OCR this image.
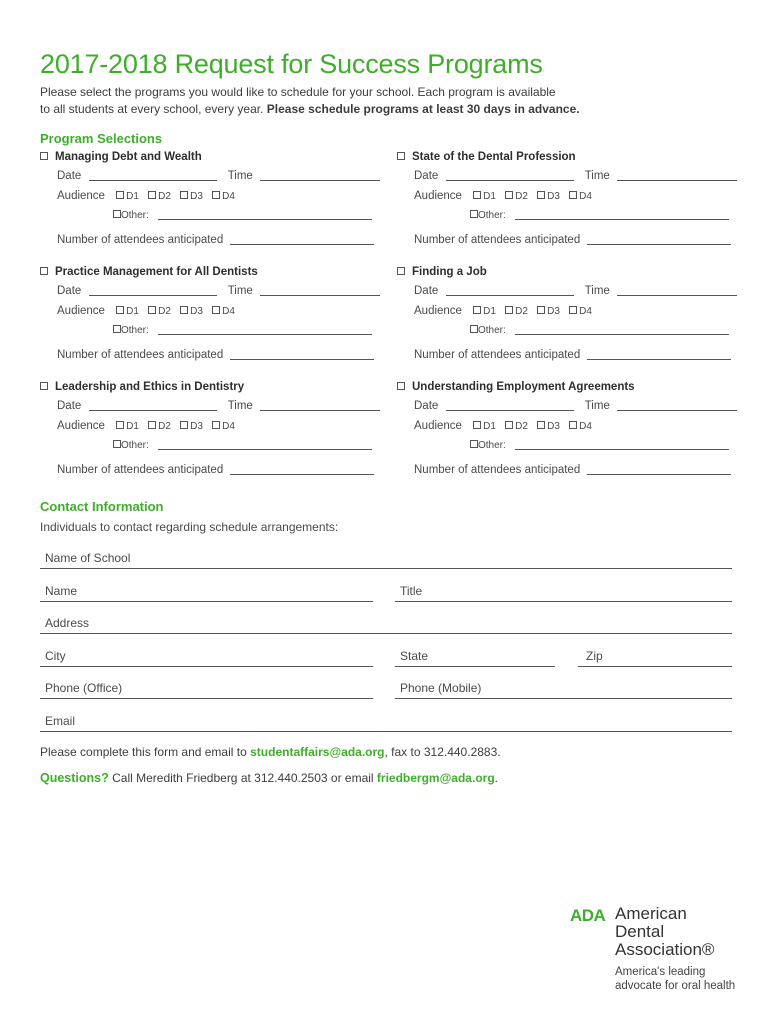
2017-2018 Request for Success Programs
Please select the programs you would like to schedule for your school. Each program is available
to all students at every school, every year. Please schedule programs at least 30 days in advance.
Program Selections
Managing Debt and Wealth
Date	Time
Audience D1 D2 D3 D4
Other:
Number of attendees anticipated
State of the Dental Profession
Date	Time
Audience D1 D2 D3 D4
Other:
Number of attendees anticipated
Practice Management for All Dentists
Date	Time
Audience D1 D2 D3 D4
Other:
Number of attendees anticipated
Finding a Job
Date	Time
Audience D1 D2 D3 D4
Other:
Number of attendees anticipated
Leadership and Ethics in Dentistry
Date	Time
Audience D1 D2 D3 D4
Other:
Number of attendees anticipated
Understanding Employment Agreements
Date	Time
Audience D1 D2 D3 D4
Other:
Number of attendees anticipated
Contact Information
Individuals to contact regarding schedule arrangements:
Name of School
Name	Title
Address
City	State	Zip
Phone (Office)	Phone (Mobile)
Email
Please complete this form and email to studentaffairs@ada.org, fax to 312.440.2883.
Questions? Call Meredith Friedberg at 312.440.2503 or email friedbergm@ada.org.
ADA American
Dental
Association®
America's leading
advocate for oral health
